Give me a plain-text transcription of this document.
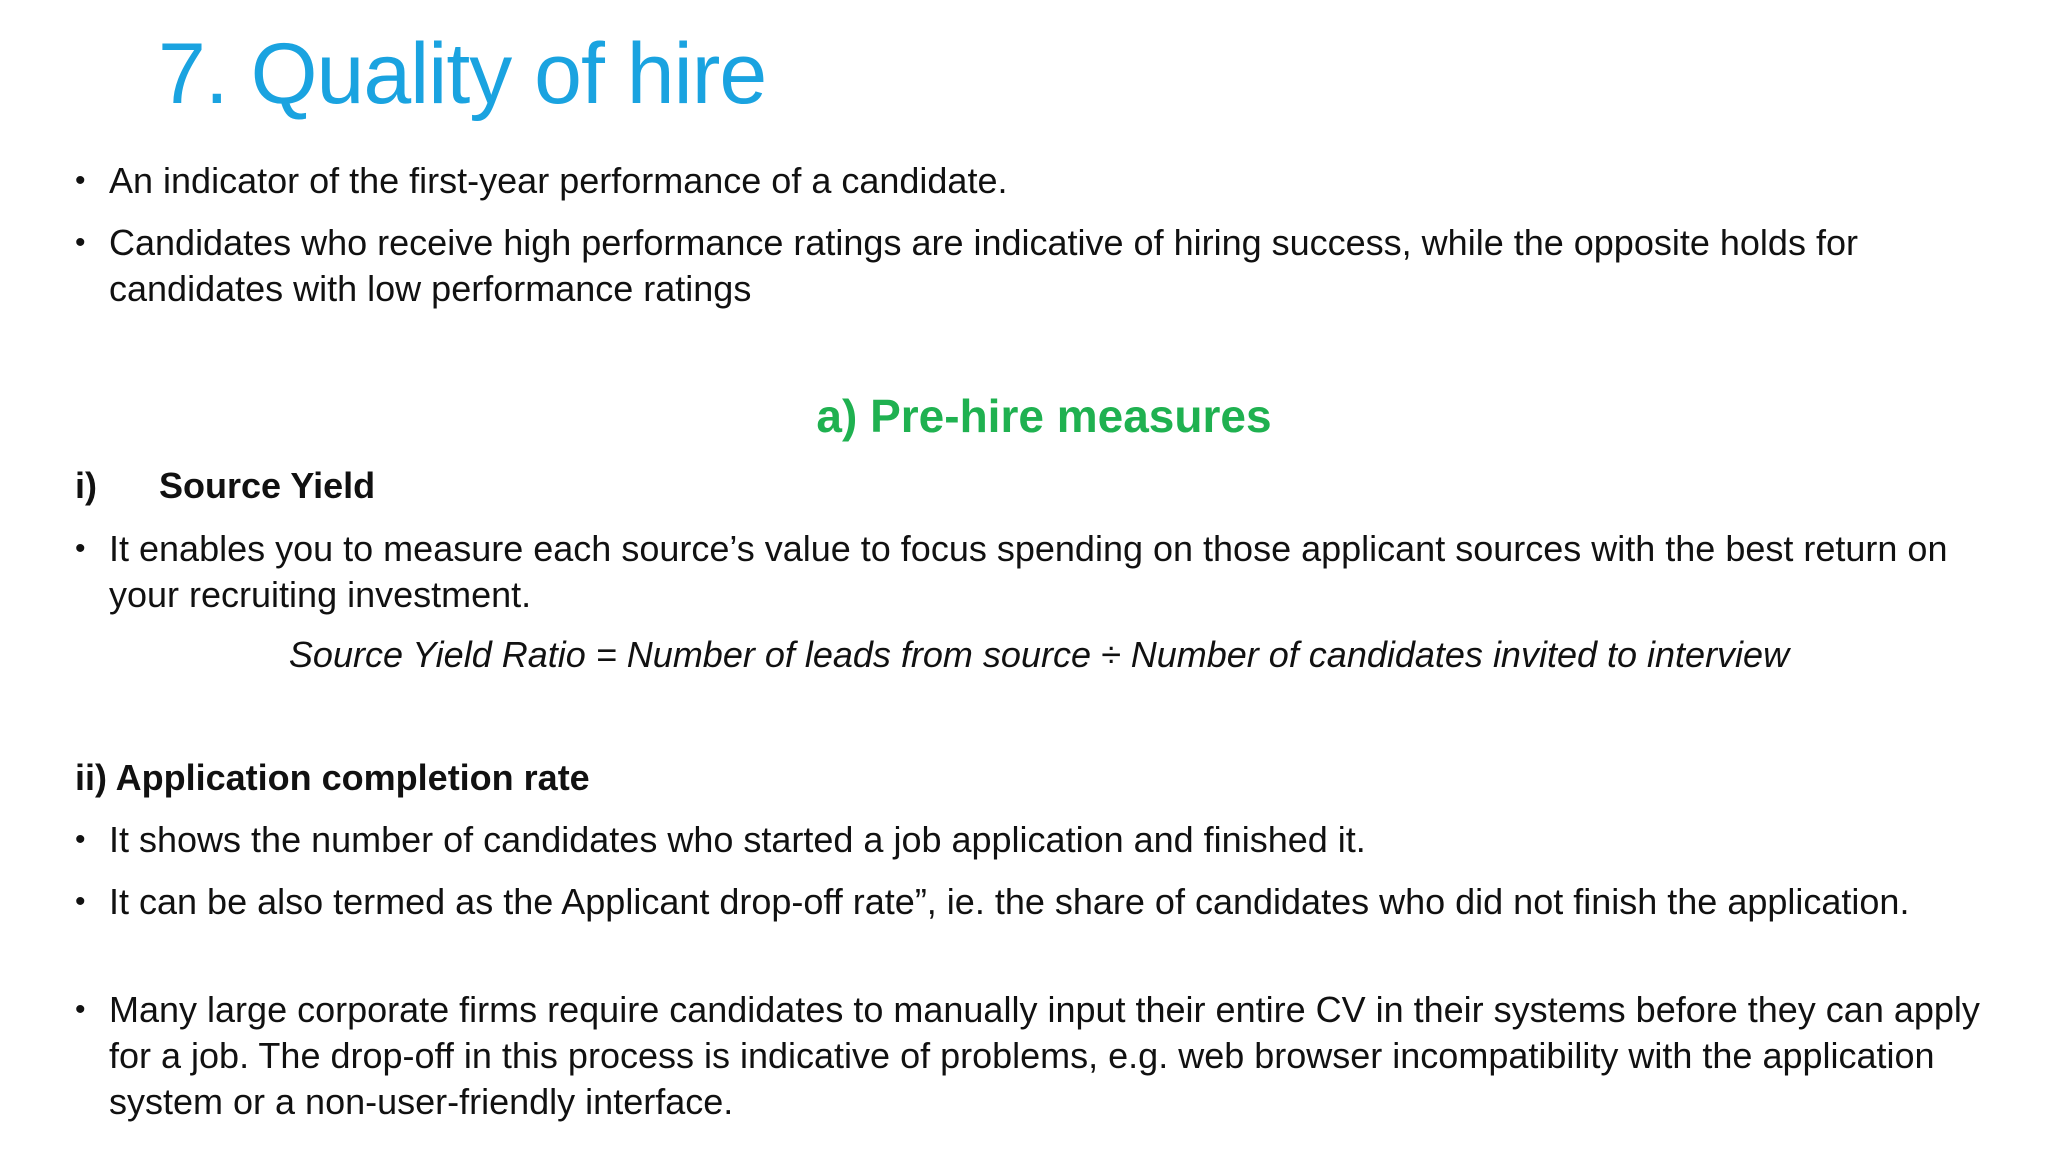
7. Quality of hire
• An indicator of the first-year performance of a candidate.
• Candidates who receive high performance ratings are indicative of hiring success, while the opposite holds for candidates with low performance ratings
a) Pre-hire measures
i) Source Yield
• It enables you to measure each source’s value to focus spending on those applicant sources with the best return on your recruiting investment.
Source Yield Ratio = Number of leads from source ÷ Number of candidates invited to interview
ii) Application completion rate
• It shows the number of candidates who started a job application and finished it.
• It can be also termed as the Applicant drop-off rate”, ie. the share of candidates who did not finish the application.
• Many large corporate firms require candidates to manually input their entire CV in their systems before they can apply for a job. The drop-off in this process is indicative of problems, e.g. web browser incompatibility with the application system or a non-user-friendly interface.
